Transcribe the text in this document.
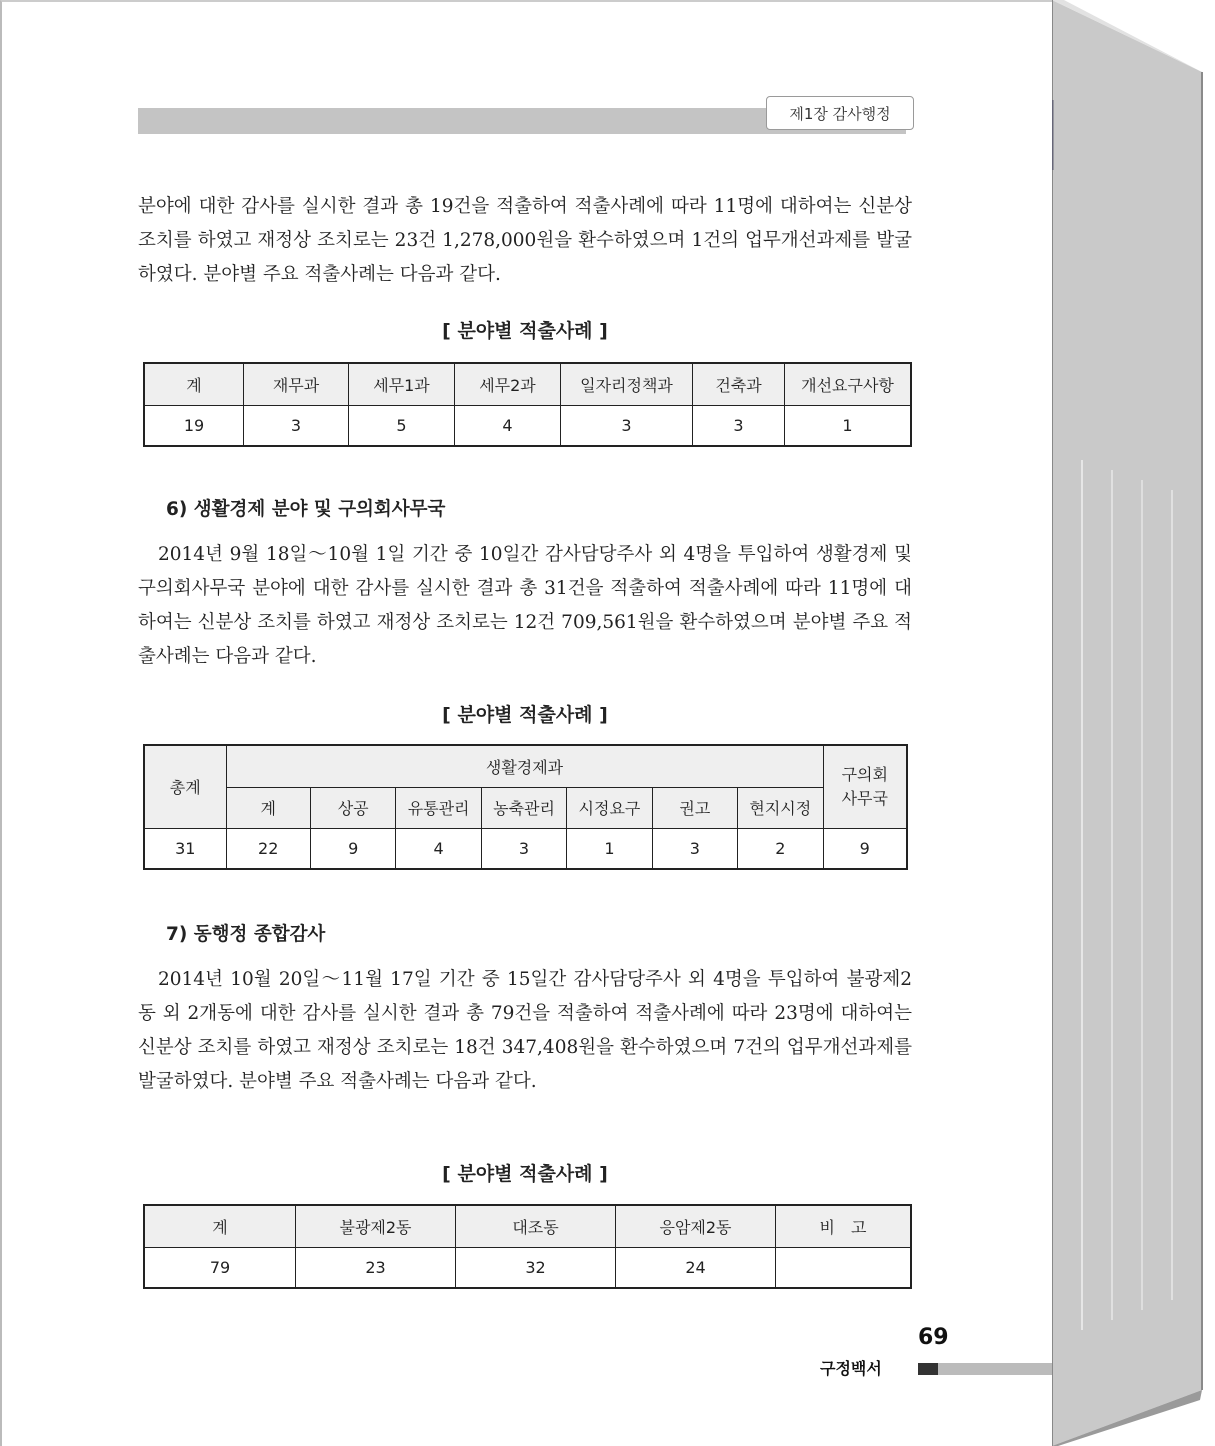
제1장 감사행정
분야에 대한 감사를 실시한 결과 총 19건을 적출하여 적출사례에 따라 11명에 대하여는 신분상 조치를 하였고 재정상 조치로는 23건 1,278,000원을 환수하였으며 1건의 업무개선과제를 발굴하였다. 분야별 주요 적출사례는 다음과 같다.
[ 분야별 적출사례 ]
계	재무과	세무1과	세무2과	일자리정책과	건축과	개선요구사항
19	3	5	4	3	3	1
6) 생활경제 분야 및 구의회사무국
2014년 9월 18일～10월 1일 기간 중 10일간 감사담당주사 외 4명을 투입하여 생활경제 및 구의회사무국 분야에 대한 감사를 실시한 결과 총 31건을 적출하여 적출사례에 따라 11명에 대하여는 신분상 조치를 하였고 재정상 조치로는 12건 709,561원을 환수하였으며 분야별 주요 적출사례는 다음과 같다.
[ 분야별 적출사례 ]
총계	생활경제과							구의회
사무국
	계	상공	유통관리	농축관리	시정요구	권고	현지시정	
31	22	9	4	3	1	3	2	9
7) 동행정 종합감사
2014년 10월 20일～11월 17일 기간 중 15일간 감사담당주사 외 4명을 투입하여 불광제2동 외 2개동에 대한 감사를 실시한 결과 총 79건을 적출하여 적출사례에 따라 23명에 대하여는 신분상 조치를 하였고 재정상 조치로는 18건 347,408원을 환수하였으며 7건의 업무개선과제를 발굴하였다. 분야별 주요 적출사례는 다음과 같다.
[ 분야별 적출사례 ]
계	불광제2동	대조동	응암제2동	비　고
79	23	32	24	
69
구정백서
